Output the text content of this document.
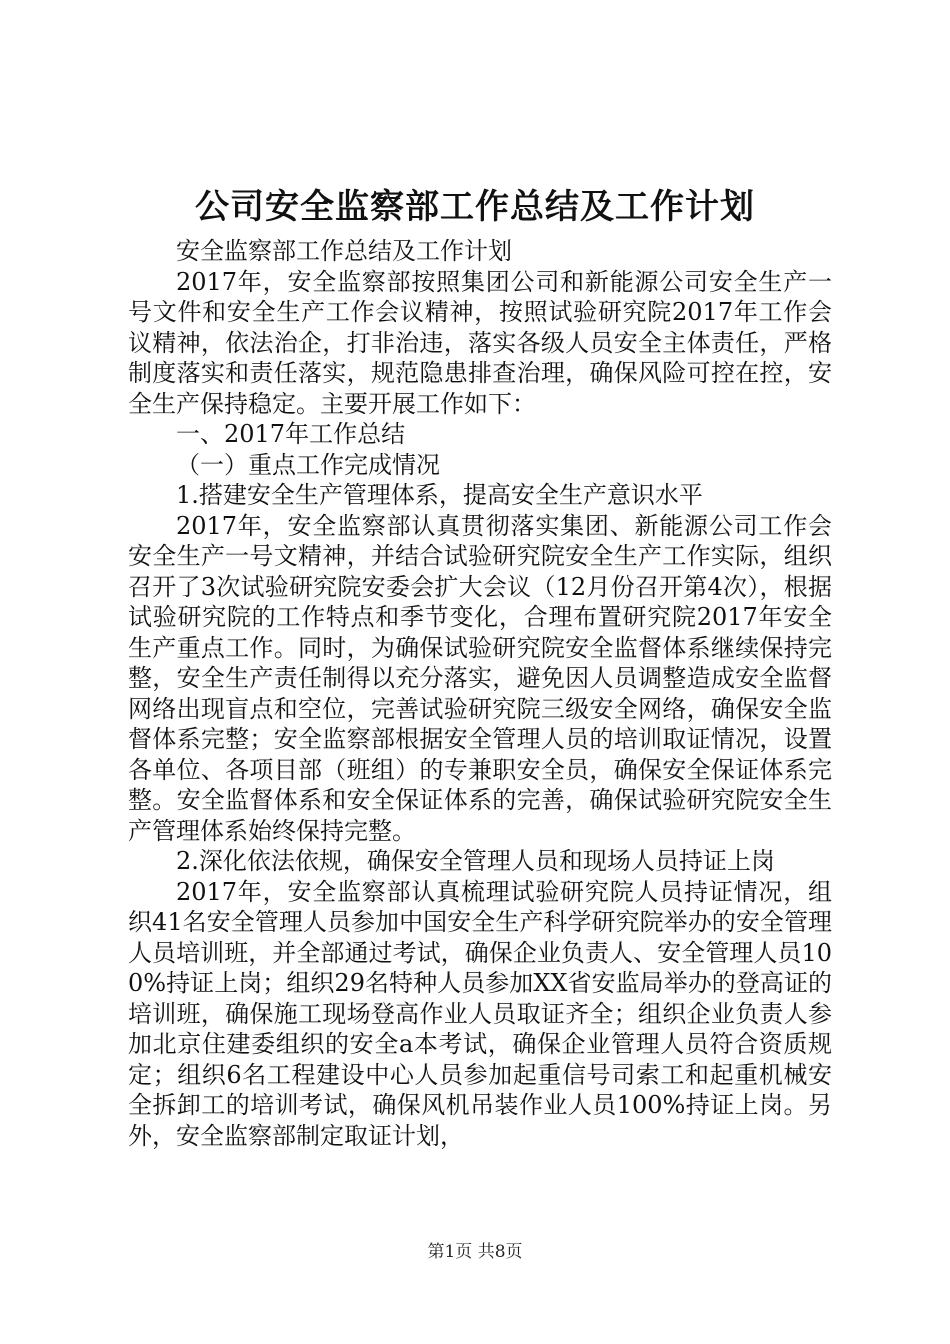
公司安全监察部工作总结及工作计划

安全监察部工作总结及工作计划

2017年，安全监察部按照集团公司和新能源公司安全生产一号文件和安全生产工作会议精神，按照试验研究院2017年工作会议精神，依法治企，打非治违，落实各级人员安全主体责任，严格制度落实和责任落实，规范隐患排查治理，确保风险可控在控，安全生产保持稳定。主要开展工作如下：

一、2017年工作总结

（一）重点工作完成情况

1.搭建安全生产管理体系，提高安全生产意识水平

2017年，安全监察部认真贯彻落实集团、新能源公司工作会安全生产一号文精神，并结合试验研究院安全生产工作实际，组织召开了3次试验研究院安委会扩大会议（12月份召开第4次），根据试验研究院的工作特点和季节变化，合理布置研究院2017年安全生产重点工作。同时，为确保试验研究院安全监督体系继续保持完整，安全生产责任制得以充分落实，避免因人员调整造成安全监督网络出现盲点和空位，完善试验研究院三级安全网络，确保安全监督体系完整；安全监察部根据安全管理人员的培训取证情况，设置各单位、各项目部（班组）的专兼职安全员，确保安全保证体系完整。安全监督体系和安全保证体系的完善，确保试验研究院安全生产管理体系始终保持完整。

2.深化依法依规，确保安全管理人员和现场人员持证上岗

2017年，安全监察部认真梳理试验研究院人员持证情况，组织41名安全管理人员参加中国安全生产科学研究院举办的安全管理人员培训班，并全部通过考试，确保企业负责人、安全管理人员100%持证上岗；组织29名特种人员参加XX省安监局举办的登高证的培训班，确保施工现场登高作业人员取证齐全；组织企业负责人参加北京住建委组织的安全a本考试，确保企业管理人员符合资质规定；组织6名工程建设中心人员参加起重信号司索工和起重机械安全拆卸工的培训考试，确保风机吊装作业人员100%持证上岗。另外，安全监察部制定取证计划，

第1页 共8页
